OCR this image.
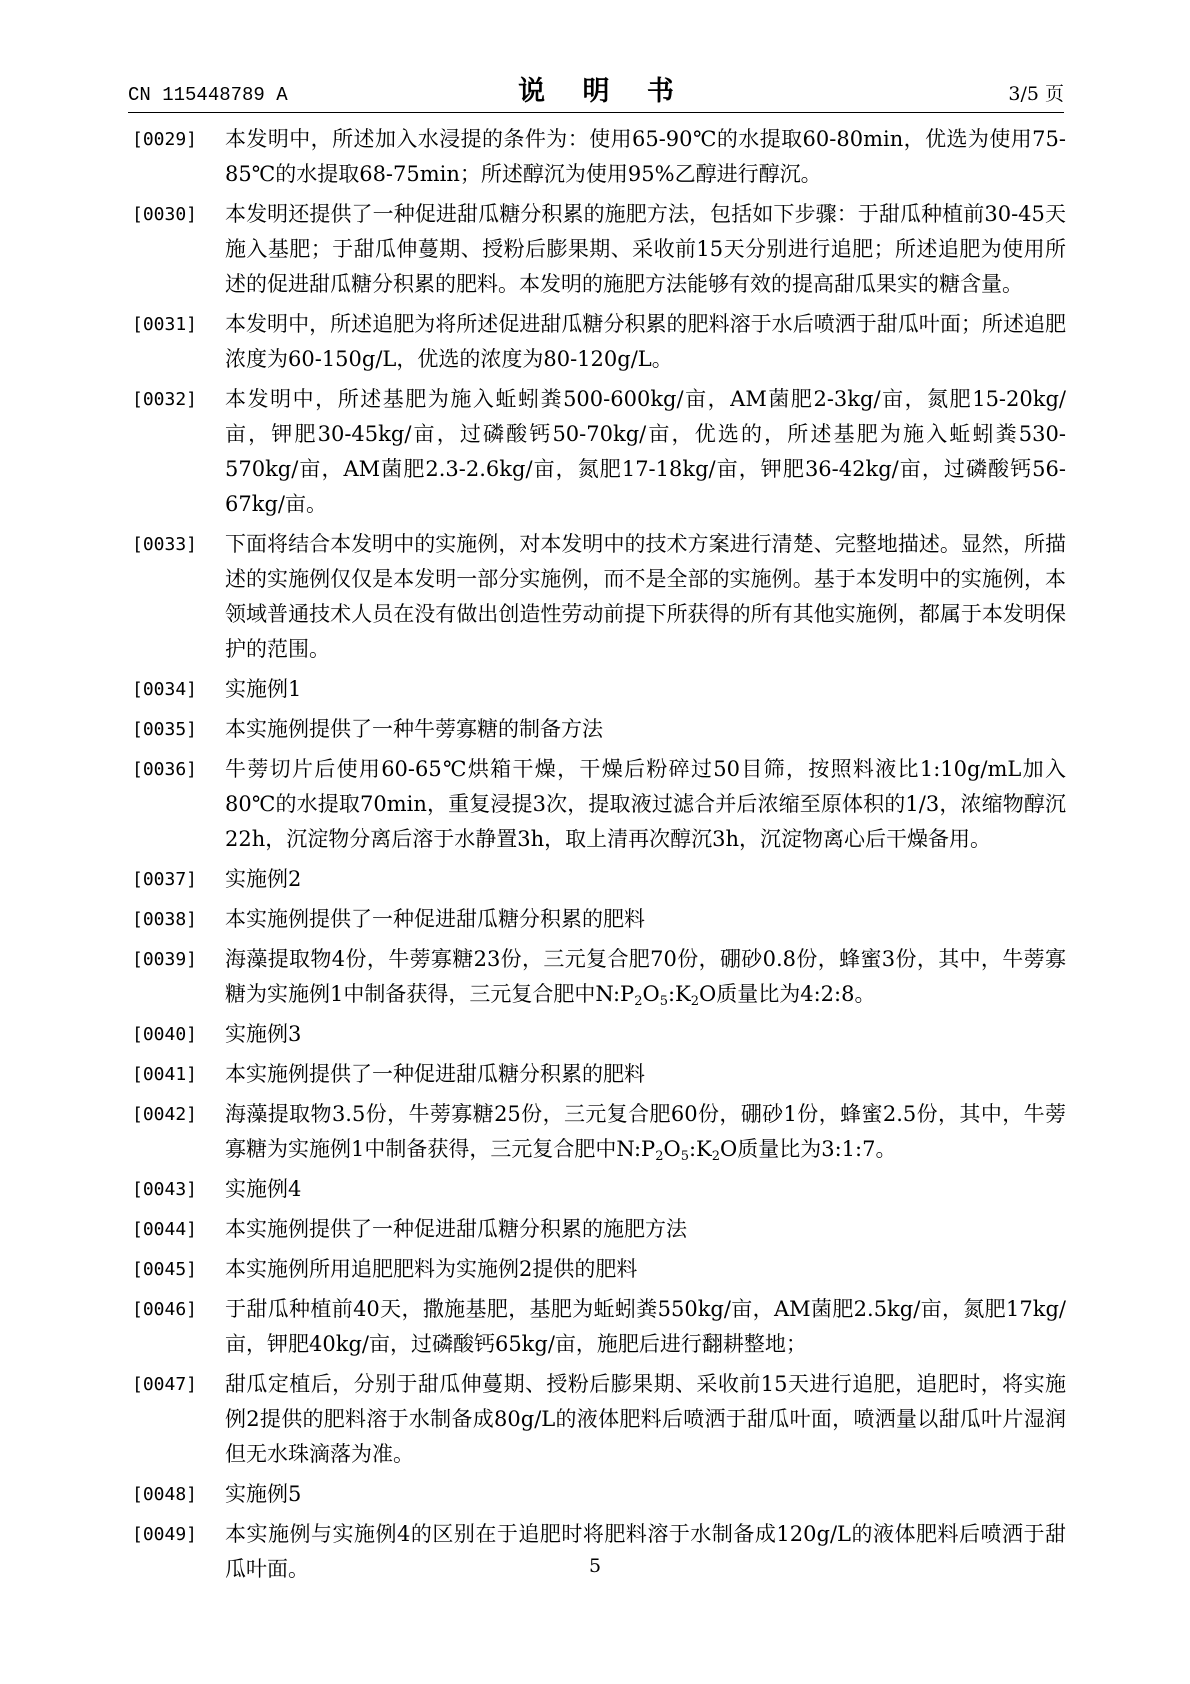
CN 115448789 A	说 明 书	3/5 页

[0029] 本发明中，所述加入水浸提的条件为：使用65-90℃的水提取60-80min，优选为使用75-85℃的水提取68-75min；所述醇沉为使用95%乙醇进行醇沉。

[0030] 本发明还提供了一种促进甜瓜糖分积累的施肥方法，包括如下步骤：于甜瓜种植前30-45天施入基肥；于甜瓜伸蔓期、授粉后膨果期、采收前15天分别进行追肥；所述追肥为使用所述的促进甜瓜糖分积累的肥料。本发明的施肥方法能够有效的提高甜瓜果实的糖含量。

[0031] 本发明中，所述追肥为将所述促进甜瓜糖分积累的肥料溶于水后喷洒于甜瓜叶面；所述追肥浓度为60-150g/L，优选的浓度为80-120g/L。

[0032] 本发明中，所述基肥为施入蚯蚓粪500-600kg/亩，AM菌肥2-3kg/亩，氮肥15-20kg/亩，钾肥30-45kg/亩，过磷酸钙50-70kg/亩，优选的，所述基肥为施入蚯蚓粪530-570kg/亩，AM菌肥2.3-2.6kg/亩，氮肥17-18kg/亩，钾肥36-42kg/亩，过磷酸钙56-67kg/亩。

[0033] 下面将结合本发明中的实施例，对本发明中的技术方案进行清楚、完整地描述。显然，所描述的实施例仅仅是本发明一部分实施例，而不是全部的实施例。基于本发明中的实施例，本领域普通技术人员在没有做出创造性劳动前提下所获得的所有其他实施例，都属于本发明保护的范围。

[0034] 实施例1

[0035] 本实施例提供了一种牛蒡寡糖的制备方法

[0036] 牛蒡切片后使用60-65℃烘箱干燥，干燥后粉碎过50目筛，按照料液比1:10g/mL加入80℃的水提取70min，重复浸提3次，提取液过滤合并后浓缩至原体积的1/3，浓缩物醇沉22h，沉淀物分离后溶于水静置3h，取上清再次醇沉3h，沉淀物离心后干燥备用。

[0037] 实施例2

[0038] 本实施例提供了一种促进甜瓜糖分积累的肥料

[0039] 海藻提取物4份，牛蒡寡糖23份，三元复合肥70份，硼砂0.8份，蜂蜜3份，其中，牛蒡寡糖为实施例1中制备获得，三元复合肥中$N:P_2O_5:K_2O$质量比为4:2:8。

[0040] 实施例3

[0041] 本实施例提供了一种促进甜瓜糖分积累的肥料

[0042] 海藻提取物3.5份，牛蒡寡糖25份，三元复合肥60份，硼砂1份，蜂蜜2.5份，其中，牛蒡寡糖为实施例1中制备获得，三元复合肥中$N:P_2O_5:K_2O$质量比为3:1:7。

[0043] 实施例4

[0044] 本实施例提供了一种促进甜瓜糖分积累的施肥方法

[0045] 本实施例所用追肥肥料为实施例2提供的肥料

[0046] 于甜瓜种植前40天，撒施基肥，基肥为蚯蚓粪550kg/亩，AM菌肥2.5kg/亩，氮肥17kg/亩，钾肥40kg/亩，过磷酸钙65kg/亩，施肥后进行翻耕整地；

[0047] 甜瓜定植后，分别于甜瓜伸蔓期、授粉后膨果期、采收前15天进行追肥，追肥时，将实施例2提供的肥料溶于水制备成80g/L的液体肥料后喷洒于甜瓜叶面，喷洒量以甜瓜叶片湿润但无水珠滴落为准。

[0048] 实施例5

[0049] 本实施例与实施例4的区别在于追肥时将肥料溶于水制备成120g/L的液体肥料后喷洒于甜瓜叶面。	5
